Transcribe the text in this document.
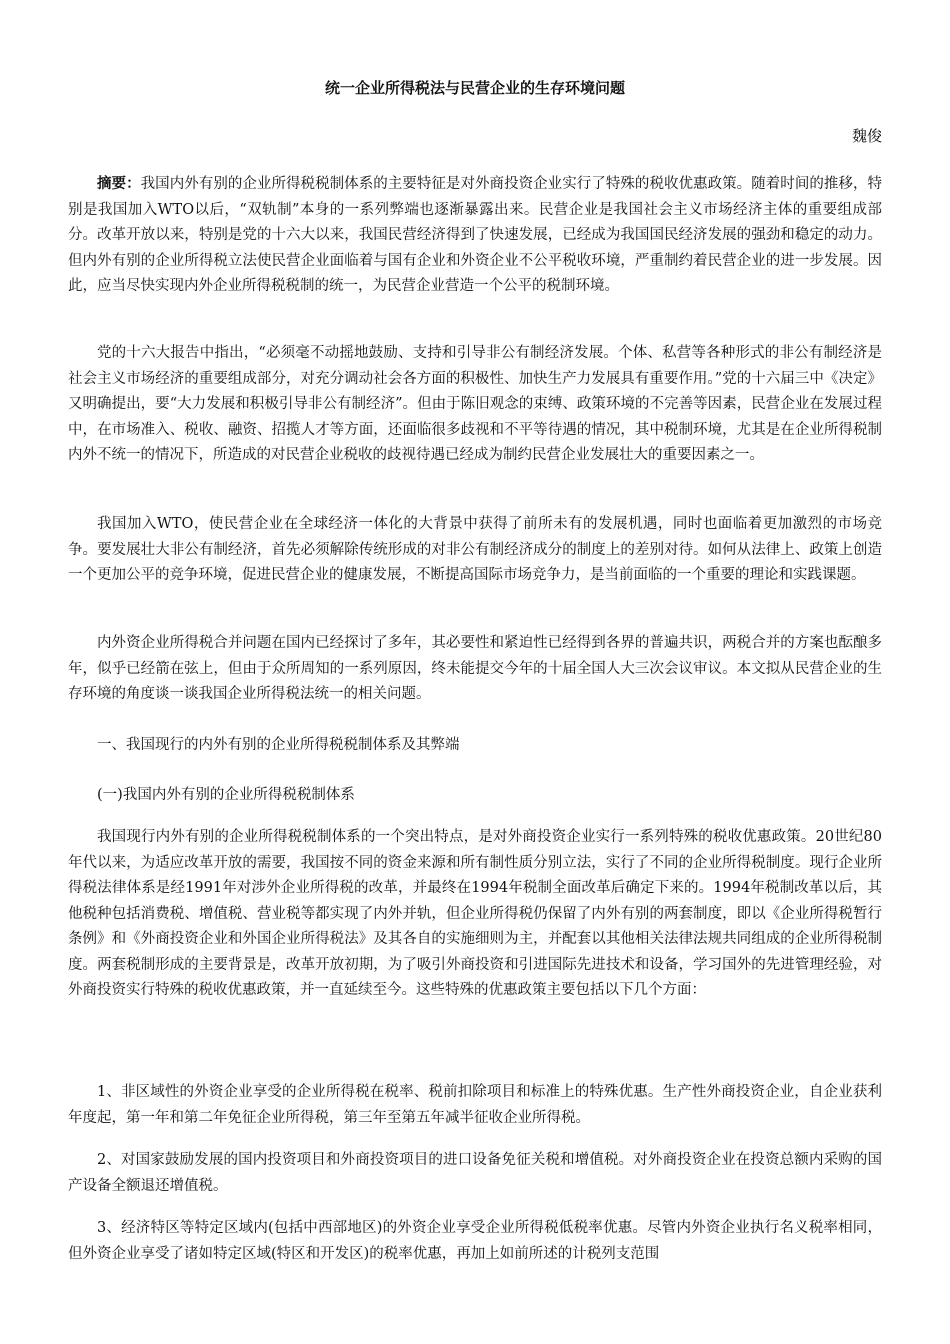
统一企业所得税法与民营企业的生存环境问题
魏俊

摘要：我国内外有别的企业所得税税制体系的主要特征是对外商投资企业实行了特殊的税收优惠政策。随着时间的推移，特别是我国加入WTO以后，“双轨制”本身的一系列弊端也逐渐暴露出来。民营企业是我国社会主义市场经济主体的重要组成部分。改革开放以来，特别是党的十六大以来，我国民营经济得到了快速发展，已经成为我国国民经济发展的强劲和稳定的动力。但内外有别的企业所得税立法使民营企业面临着与国有企业和外资企业不公平税收环境，严重制约着民营企业的进一步发展。因此，应当尽快实现内外企业所得税税制的统一，为民营企业营造一个公平的税制环境。

党的十六大报告中指出，“必须毫不动摇地鼓励、支持和引导非公有制经济发展。个体、私营等各种形式的非公有制经济是社会主义市场经济的重要组成部分，对充分调动社会各方面的积极性、加快生产力发展具有重要作用。”党的十六届三中《决定》又明确提出，要“大力发展和积极引导非公有制经济”。但由于陈旧观念的束缚、政策环境的不完善等因素，民营企业在发展过程中，在市场准入、税收、融资、招揽人才等方面，还面临很多歧视和不平等待遇的情况，其中税制环境，尤其是在企业所得税制内外不统一的情况下，所造成的对民营企业税收的歧视待遇已经成为制约民营企业发展壮大的重要因素之一。

我国加入WTO，使民营企业在全球经济一体化的大背景中获得了前所未有的发展机遇，同时也面临着更加激烈的市场竞争。要发展壮大非公有制经济，首先必须解除传统形成的对非公有制经济成分的制度上的差别对待。如何从法律上、政策上创造一个更加公平的竞争环境，促进民营企业的健康发展，不断提高国际市场竞争力，是当前面临的一个重要的理论和实践课题。

内外资企业所得税合并问题在国内已经探讨了多年，其必要性和紧迫性已经得到各界的普遍共识，两税合并的方案也酝酿多年，似乎已经箭在弦上，但由于众所周知的一系列原因，终未能提交今年的十届全国人大三次会议审议。本文拟从民营企业的生存环境的角度谈一谈我国企业所得税法统一的相关问题。

一、我国现行的内外有别的企业所得税税制体系及其弊端

(一)我国内外有别的企业所得税税制体系

我国现行内外有别的企业所得税税制体系的一个突出特点，是对外商投资企业实行一系列特殊的税收优惠政策。20世纪80年代以来，为适应改革开放的需要，我国按不同的资金来源和所有制性质分别立法，实行了不同的企业所得税制度。现行企业所得税法律体系是经1991年对涉外企业所得税的改革，并最终在1994年税制全面改革后确定下来的。1994年税制改革以后，其他税种包括消费税、增值税、营业税等都实现了内外并轨，但企业所得税仍保留了内外有别的两套制度，即以《企业所得税暂行条例》和《外商投资企业和外国企业所得税法》及其各自的实施细则为主，并配套以其他相关法律法规共同组成的企业所得税制度。两套税制形成的主要背景是，改革开放初期，为了吸引外商投资和引进国际先进技术和设备，学习国外的先进管理经验，对外商投资实行特殊的税收优惠政策，并一直延续至今。这些特殊的优惠政策主要包括以下几个方面：

1、非区域性的外资企业享受的企业所得税在税率、税前扣除项目和标准上的特殊优惠。生产性外商投资企业，自企业获利年度起，第一年和第二年免征企业所得税，第三年至第五年减半征收企业所得税。

2、对国家鼓励发展的国内投资项目和外商投资项目的进口设备免征关税和增值税。对外商投资企业在投资总额内采购的国产设备全额退还增值税。

3、经济特区等特定区域内(包括中西部地区)的外资企业享受企业所得税低税率优惠。尽管内外资企业执行名义税率相同，但外资企业享受了诸如特定区域(特区和开发区)的税率优惠，再加上如前所述的计税列支范围
